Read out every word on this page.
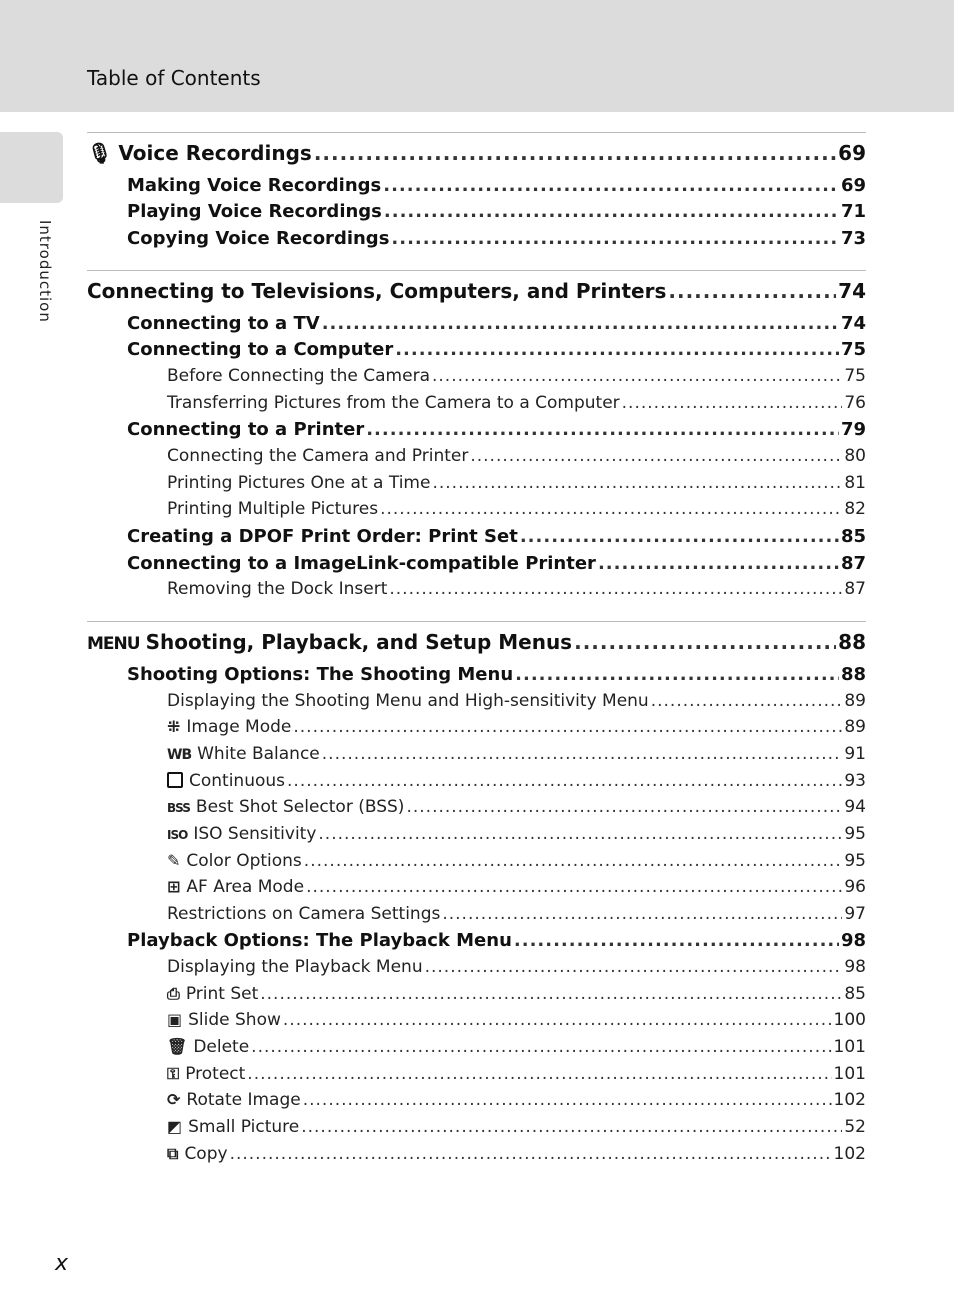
Table of Contents
Introduction
🎙 Voice Recordings .....	69
Making Voice Recordings .....	69
Playing Voice Recordings .....	71
Copying Voice Recordings .....	73
Connecting to Televisions, Computers, and Printers .....	74
Connecting to a TV .....	74
Connecting to a Computer .....	75
Before Connecting the Camera .....	75
Transferring Pictures from the Camera to a Computer .....	76
Connecting to a Printer .....	79
Connecting the Camera and Printer .....	80
Printing Pictures One at a Time .....	81
Printing Multiple Pictures .....	82
Creating a DPOF Print Order: Print Set .....	85
Connecting to a ImageLink-compatible Printer .....	87
Removing the Dock Insert .....	87
MENU Shooting, Playback, and Setup Menus .....	88
Shooting Options: The Shooting Menu .....	88
Displaying the Shooting Menu and High-sensitivity Menu .....	89
⁜ Image Mode .....	89
WB White Balance .....	91
Continuous .....	93
BSS Best Shot Selector (BSS) .....	94
ISO ISO Sensitivity .....	95
✎ Color Options .....	95
⊞ AF Area Mode .....	96
Restrictions on Camera Settings .....	97
Playback Options: The Playback Menu .....	98
Displaying the Playback Menu .....	98
⎙ Print Set .....	85
▣ Slide Show .....	100
🗑 Delete .....	101
⚿ Protect .....	101
⟳ Rotate Image .....	102
◩ Small Picture .....	52
⧉ Copy .....	102
x
